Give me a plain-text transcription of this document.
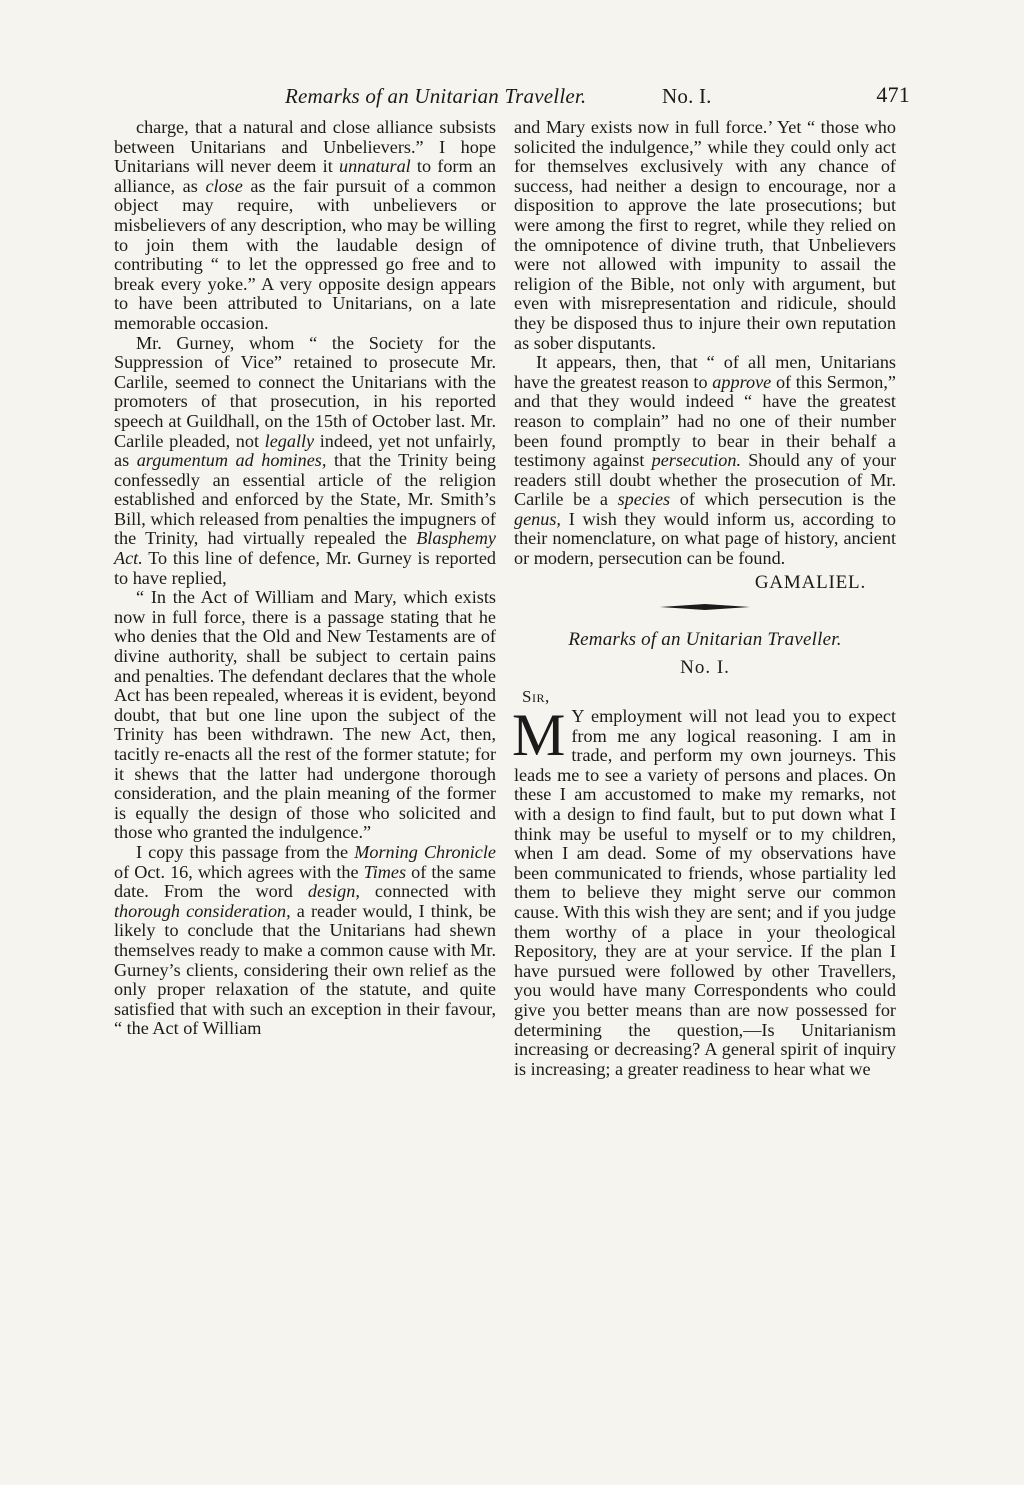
Remarks of an Unitarian Traveller.	No. I.	471

charge, that a natural and close alliance subsists between Unitarians and Unbelievers.” I hope Unitarians will never deem it unnatural to form an alliance, as close as the fair pursuit of a common object may require, with unbelievers or misbelievers of any description, who may be willing to join them with the laudable design of contributing “ to let the oppressed go free and to break every yoke.” A very opposite design appears to have been attributed to Unitarians, on a late memorable occasion.

Mr. Gurney, whom “ the Society for the Suppression of Vice” retained to prosecute Mr. Carlile, seemed to connect the Unitarians with the promoters of that prosecution, in his reported speech at Guildhall, on the 15th of October last. Mr. Carlile pleaded, not legally indeed, yet not unfairly, as argumentum ad homines, that the Trinity being confessedly an essential article of the religion established and enforced by the State, Mr. Smith’s Bill, which released from penalties the impugners of the Trinity, had virtually repealed the Blasphemy Act. To this line of defence, Mr. Gurney is reported to have replied,

“ In the Act of William and Mary, which exists now in full force, there is a passage stating that he who denies that the Old and New Testaments are of divine authority, shall be subject to certain pains and penalties. The defendant declares that the whole Act has been repealed, whereas it is evident, beyond doubt, that but one line upon the subject of the Trinity has been withdrawn. The new Act, then, tacitly re-enacts all the rest of the former statute; for it shews that the latter had undergone thorough consideration, and the plain meaning of the former is equally the design of those who solicited and those who granted the indulgence.”

I copy this passage from the Morning Chronicle of Oct. 16, which agrees with the Times of the same date. From the word design, connected with thorough consideration, a reader would, I think, be likely to conclude that the Unitarians had shewn themselves ready to make a common cause with Mr. Gurney’s clients, considering their own relief as the only proper relaxation of the statute, and quite satisfied that with such an exception in their favour, “ the Act of William

and Mary exists now in full force.’ Yet “ those who solicited the indulgence,” while they could only act for themselves exclusively with any chance of success, had neither a design to encourage, nor a disposition to approve the late prosecutions; but were among the first to regret, while they relied on the omnipotence of divine truth, that Unbelievers were not allowed with impunity to assail the religion of the Bible, not only with argument, but even with misrepresentation and ridicule, should they be disposed thus to injure their own reputation as sober disputants.

It appears, then, that “ of all men, Unitarians have the greatest reason to approve of this Sermon,” and that they would indeed “ have the greatest reason to complain” had no one of their number been found promptly to bear in their behalf a testimony against persecution. Should any of your readers still doubt whether the prosecution of Mr. Carlile be a species of which persecution is the genus, I wish they would inform us, according to their nomenclature, on what page of history, ancient or modern, persecution can be found.

GAMALIEL.
Remarks of an Unitarian Traveller.
No. I.
Sir,

M Y employment will not lead you to expect from me any logical reasoning. I am in trade, and perform my own journeys. This leads me to see a variety of persons and places. On these I am accustomed to make my remarks, not with a design to find fault, but to put down what I think may be useful to myself or to my children, when I am dead. Some of my observations have been communicated to friends, whose partiality led them to believe they might serve our common cause. With this wish they are sent; and if you judge them worthy of a place in your theological Repository, they are at your service. If the plan I have pursued were followed by other Travellers, you would have many Correspondents who could give you better means than are now possessed for determining the question,—Is Unitarianism increasing or decreasing? A general spirit of inquiry is increasing; a greater readiness to hear what we
